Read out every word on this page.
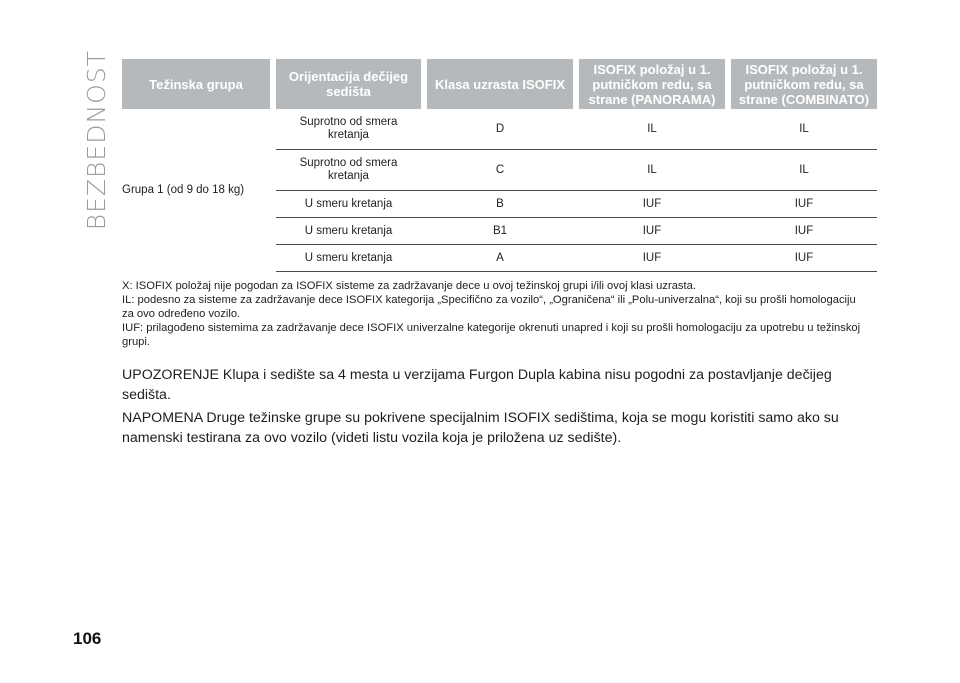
BEZBEDNOST	Težinska grupa		Orijentacija dečijeg sedišta		Klasa uzrasta ISOFIX		ISOFIX položaj u 1. putničkom redu, sa strane (PANORAMA)		ISOFIX položaj u 1. putničkom redu, sa strane (COMBINATO)
Grupa 1 (od 9 do 18 kg)		Suprotno od smera kretanja		D		IL		IL
		Suprotno od smera kretanja		C		IL		IL
		U smeru kretanja		B		IUF		IUF
		U smeru kretanja		B1		IUF		IUF
		U smeru kretanja		A		IUF		IUF

X: ISOFIX položaj nije pogodan za ISOFIX sisteme za zadržavanje dece u ovoj težinskoj grupi i/ili ovoj klasi uzrasta.

IL: podesno za sisteme za zadržavanje dece ISOFIX kategorija „Specifično za vozilo“, „Ograničena“ ili „Polu-univerzalna“, koji su prošli homologaciju za ovo određeno vozilo.

IUF: prilagođeno sistemima za zadržavanje dece ISOFIX univerzalne kategorije okrenuti unapred i koji su prošli homologaciju za upotrebu u težinskoj grupi.

UPOZORENJE Klupa i sedište sa 4 mesta u verzijama Furgon Dupla kabina nisu pogodni za postavljanje dečijeg sedišta.

NAPOMENA Druge težinske grupe su pokrivene specijalnim ISOFIX sedištima, koja se mogu koristiti samo ako su namenski testirana za ovo vozilo (videti listu vozila koja je priložena uz sedište).

106
